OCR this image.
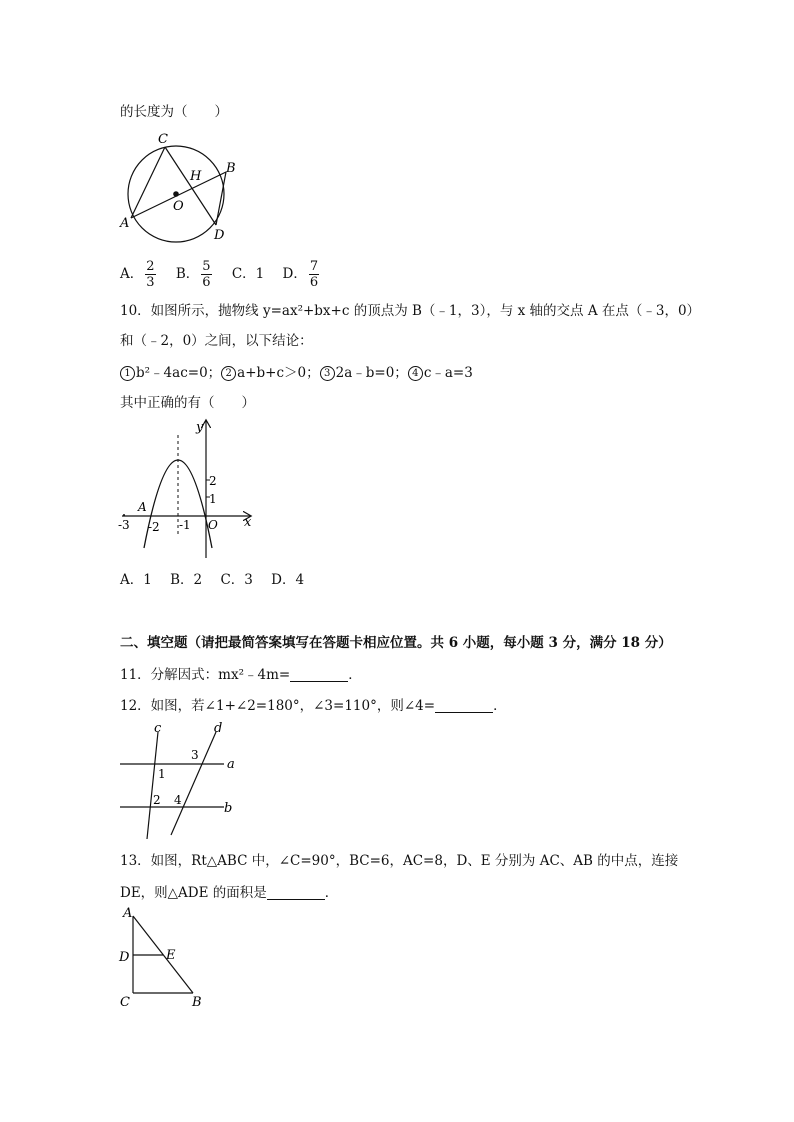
的长度为（　　）
C
B
H
O
A
D
A． $\frac{2}{3}$ B． $\frac{5}{6}$ C．1 D． $\frac{7}{6}$
10．如图所示，抛物线 y=ax²+bx+c 的顶点为 B（﹣1，3），与 x 轴的交点 A 在点（﹣3，0）
和（﹣2，0）之间，以下结论：
1 b²﹣4ac=0； 2 a+b+c＞0； 3 2a﹣b=0； 4 c﹣a=3
其中正确的有（　　）
y
x
2
1
A
-3 -2 -1 O
A．1 B．2 C．3 D．4
二、填空题（请把最简答案填写在答题卡相应位置。共 6 小题，每小题 3 分，满分 18 分）
11．分解因式：mx²﹣4m=	．
12．如图，若∠1+∠2=180°，∠3=110°，则∠4=	．
c	d
a
b
1
2
3
4
13．如图，Rt△ABC 中，∠C=90°，BC=6，AC=8，D、E 分别为 AC、AB 的中点，连接
DE，则△ADE 的面积是	．
A
D	E
C	B
